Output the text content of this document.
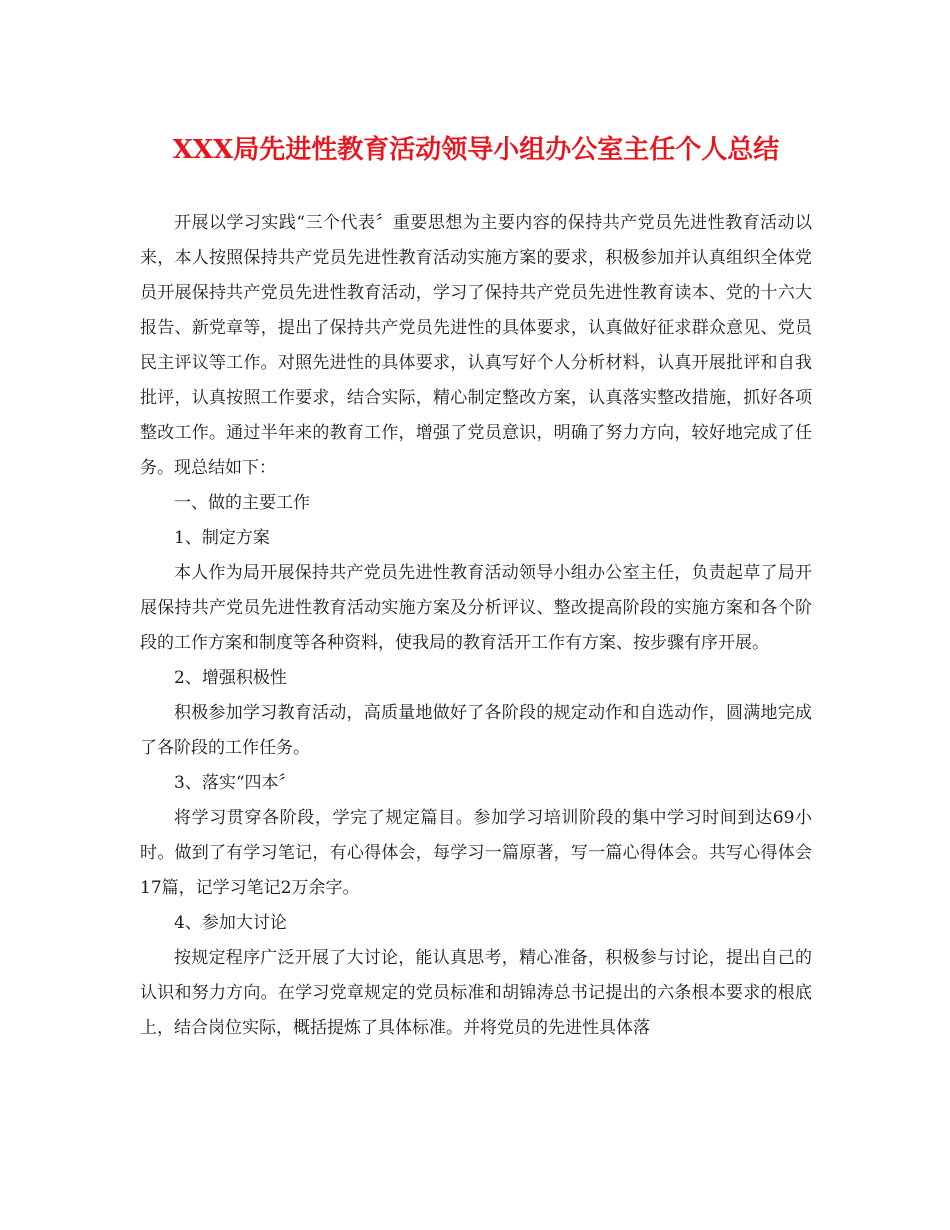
XXX局先进性教育活动领导小组办公室主任个人总结

开展以学习实践“三个代表〞重要思想为主要内容的保持共产党员先进性教育活动以来，本人按照保持共产党员先进性教育活动实施方案的要求，积极参加并认真组织全体党员开展保持共产党员先进性教育活动，学习了保持共产党员先进性教育读本、党的十六大报告、新党章等，提出了保持共产党员先进性的具体要求，认真做好征求群众意见、党员民主评议等工作。对照先进性的具体要求，认真写好个人分析材料，认真开展批评和自我批评，认真按照工作要求，结合实际，精心制定整改方案，认真落实整改措施，抓好各项整改工作。通过半年来的教育工作，增强了党员意识，明确了努力方向，较好地完成了任务。现总结如下：

一、做的主要工作

1、制定方案

本人作为局开展保持共产党员先进性教育活动领导小组办公室主任，负责起草了局开展保持共产党员先进性教育活动实施方案及分析评议、整改提高阶段的实施方案和各个阶段的工作方案和制度等各种资料，使我局的教育活开工作有方案、按步骤有序开展。

2、增强积极性

积极参加学习教育活动，高质量地做好了各阶段的规定动作和自选动作，圆满地完成了各阶段的工作任务。

3、落实“四本〞

将学习贯穿各阶段，学完了规定篇目。参加学习培训阶段的集中学习时间到达69小时。做到了有学习笔记，有心得体会，每学习一篇原著，写一篇心得体会。共写心得体会17篇，记学习笔记2万余字。

4、参加大讨论

按规定程序广泛开展了大讨论，能认真思考，精心准备，积极参与讨论，提出自己的认识和努力方向。在学习党章规定的党员标准和胡锦涛总书记提出的六条根本要求的根底上，结合岗位实际，概括提炼了具体标准。并将党员的先进性具体落
